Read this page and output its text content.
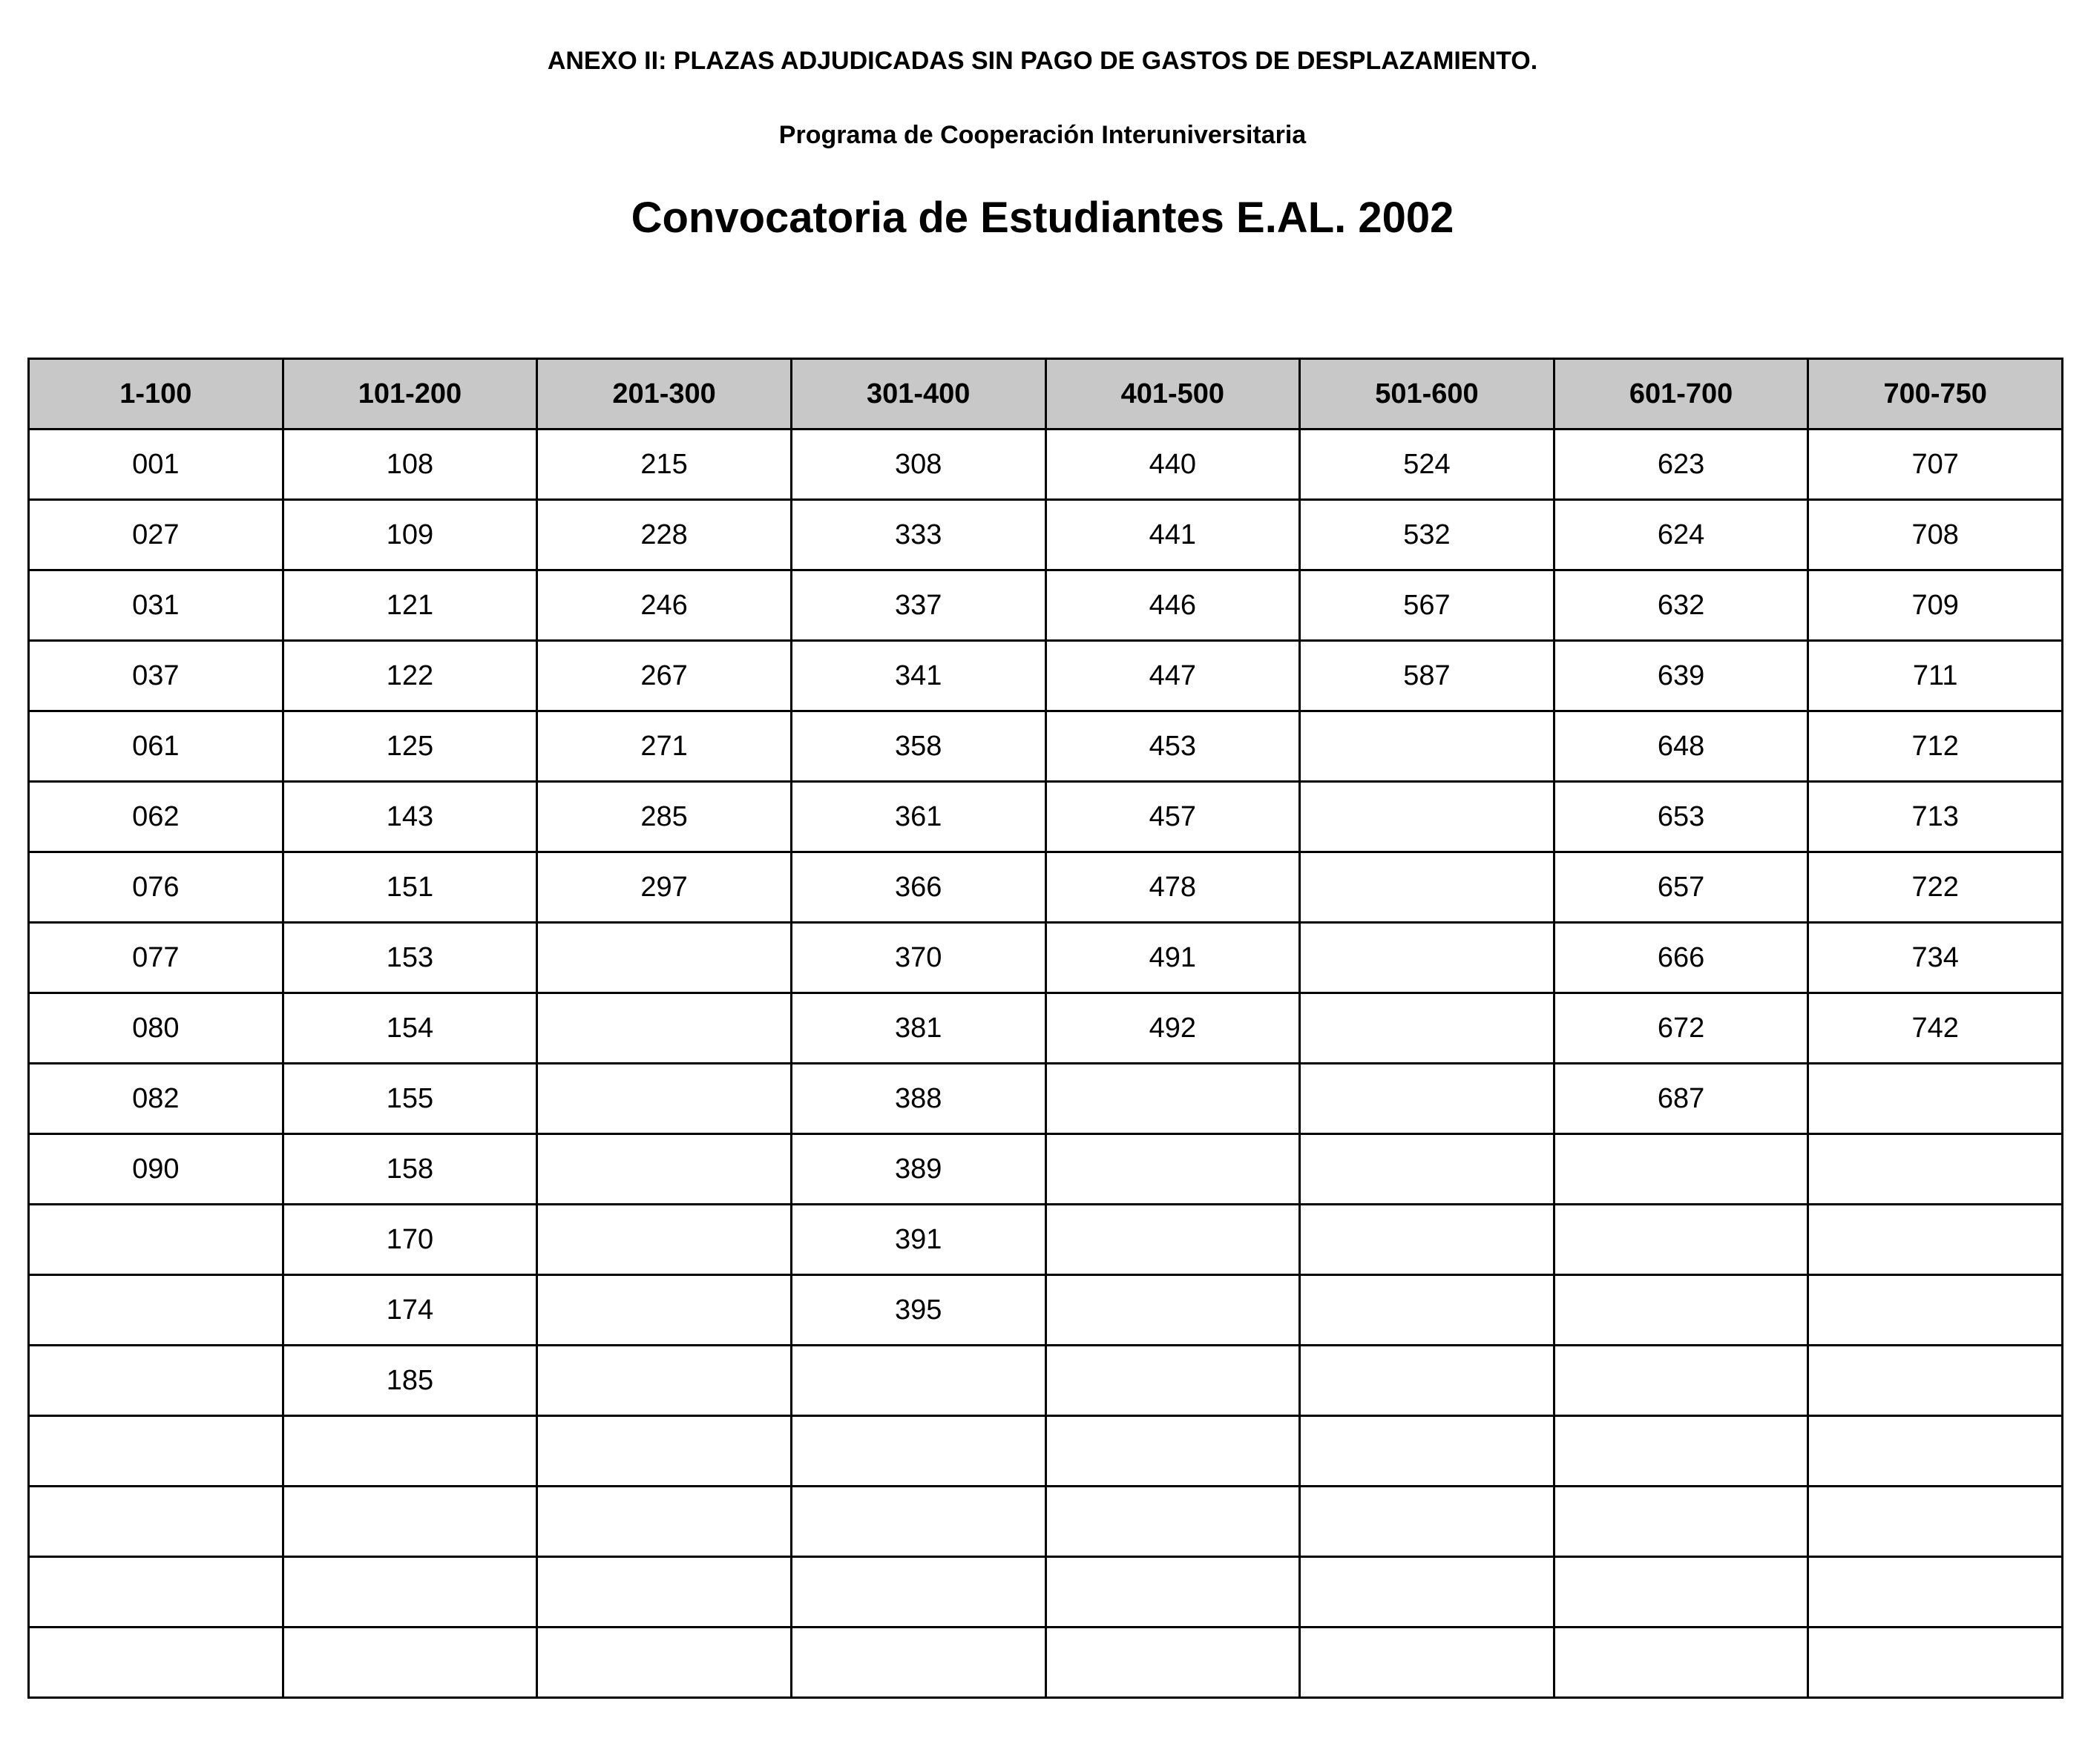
ANEXO II: PLAZAS ADJUDICADAS SIN PAGO DE GASTOS DE DESPLAZAMIENTO.
Programa de Cooperación Interuniversitaria
Convocatoria de Estudiantes E.AL. 2002
1-100	101-200	201-300	301-400	401-500	501-600	601-700	700-750
001	108	215	308	440	524	623	707
027	109	228	333	441	532	624	708
031	121	246	337	446	567	632	709
037	122	267	341	447	587	639	711
061	125	271	358	453		648	712
062	143	285	361	457		653	713
076	151	297	366	478		657	722
077	153		370	491		666	734
080	154		381	492		672	742
082	155		388			687	
090	158		389				
	170		391				
	174		395				
	185						
